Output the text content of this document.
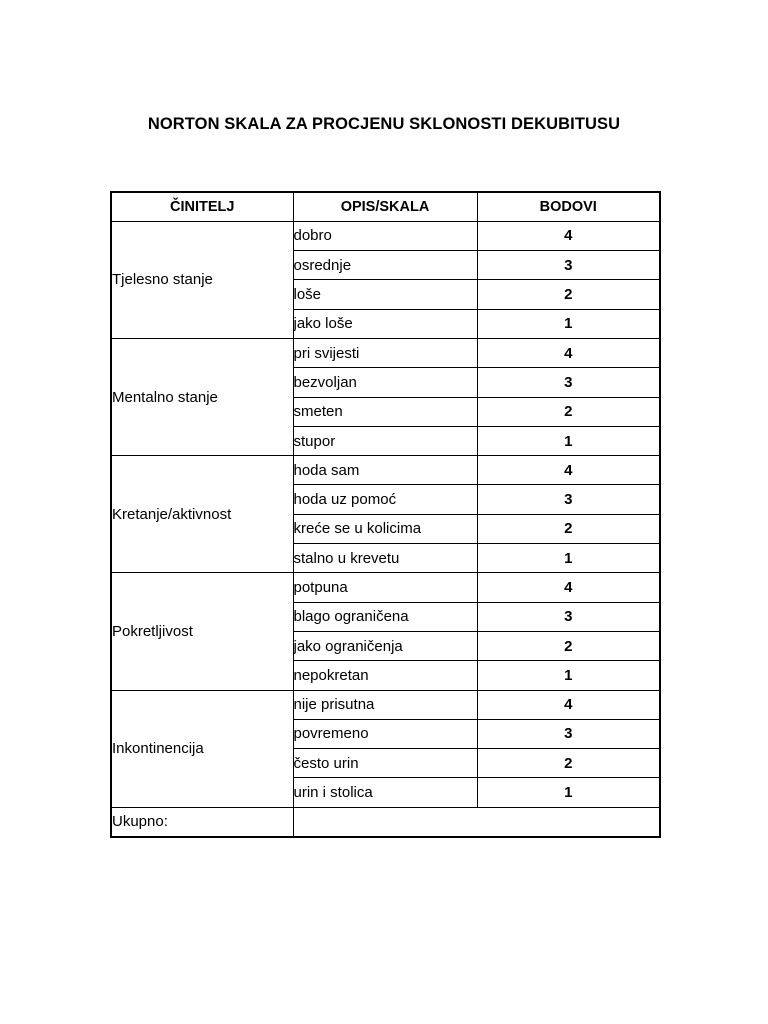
NORTON SKALA ZA PROCJENU SKLONOSTI DEKUBITUSU
ČINITELJ	OPIS/SKALA	BODOVI
Tjelesno stanje	dobro	4
	osrednje	3
	loše	2
	jako loše	1
Mentalno stanje	pri svijesti	4
	bezvoljan	3
	smeten	2
	stupor	1
Kretanje/aktivnost	hoda sam	4
	hoda uz pomoć	3
	kreće se u kolicima	2
	stalno u krevetu	1
Pokretljivost	potpuna	4
	blago ograničena	3
	jako ograničenja	2
	nepokretan	1
Inkontinencija	nije prisutna	4
	povremeno	3
	često urin	2
	urin i stolica	1
Ukupno:		
